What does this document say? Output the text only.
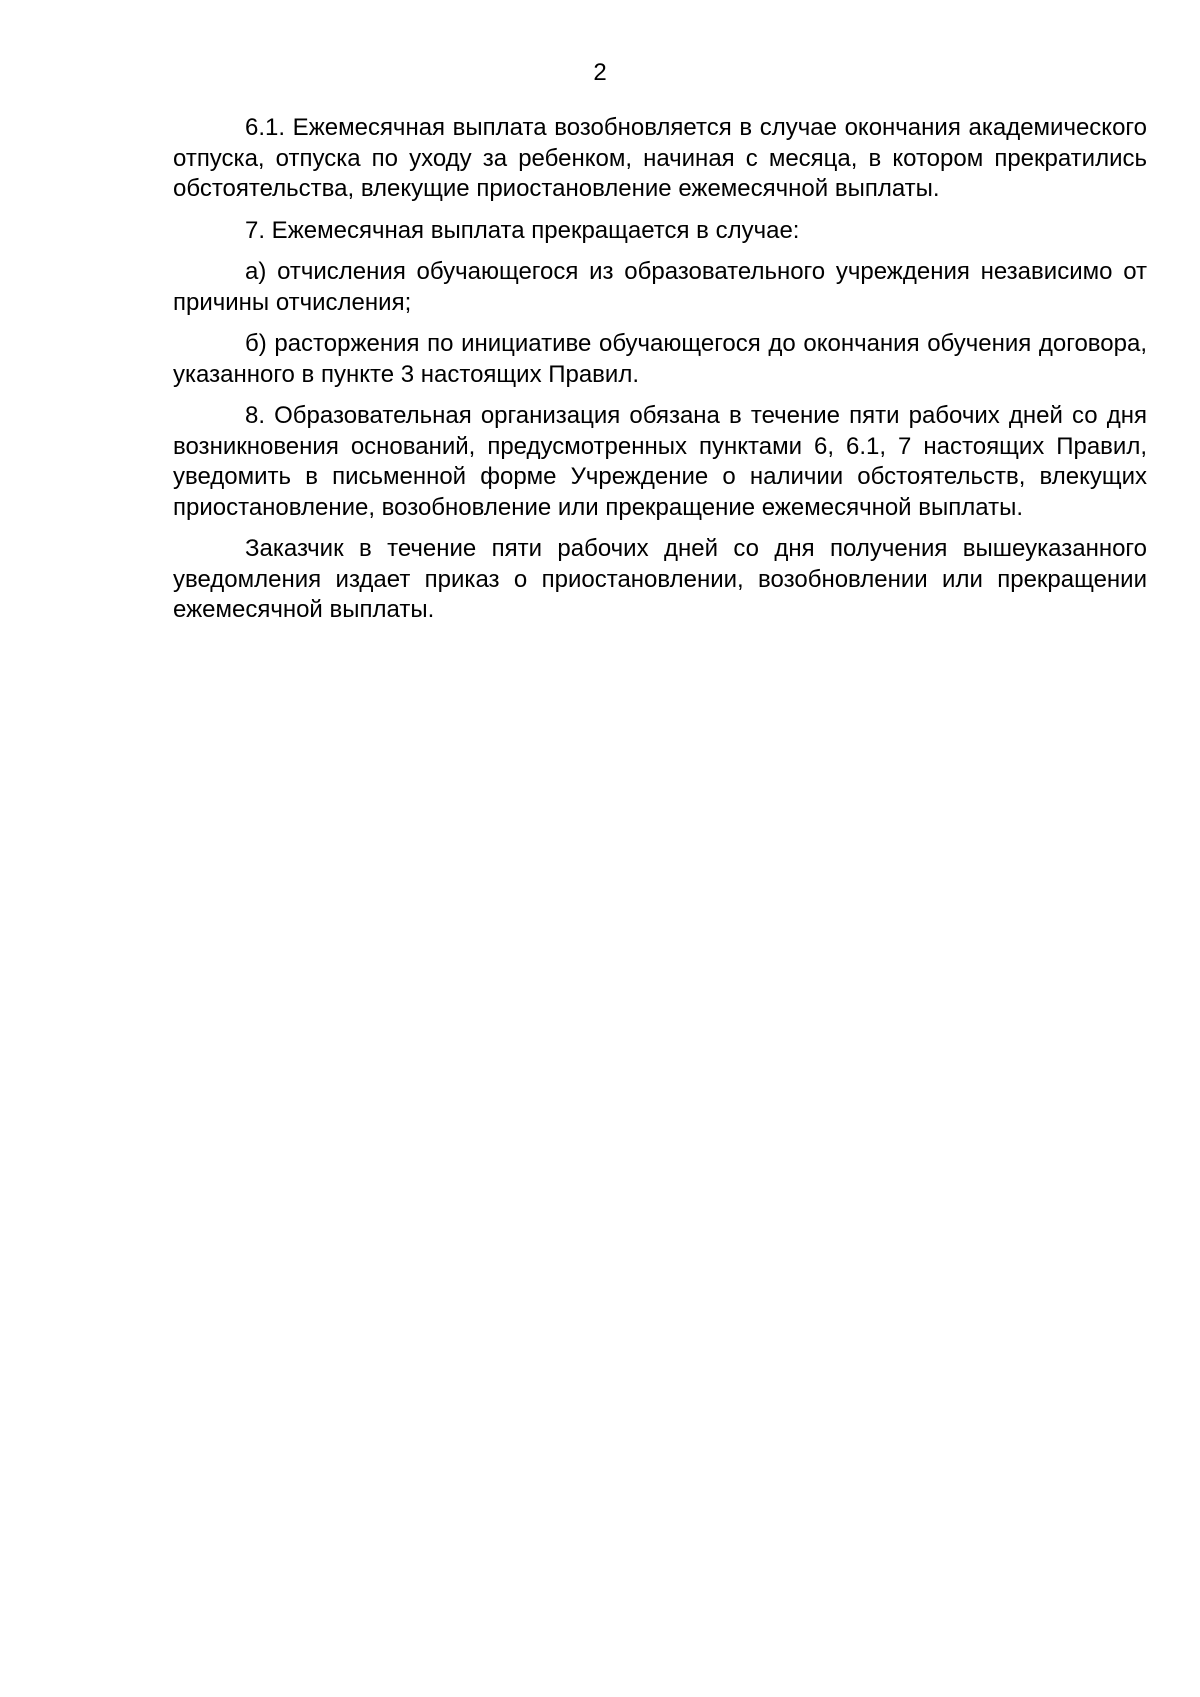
2

6.1. Ежемесячная выплата возобновляется в случае окончания академического отпуска, отпуска по уходу за ребенком, начиная с месяца, в котором прекратились обстоятельства, влекущие приостановление ежемесячной выплаты.

7. Ежемесячная выплата прекращается в случае:

а) отчисления обучающегося из образовательного учреждения независимо от причины отчисления;

б) расторжения по инициативе обучающегося до окончания обучения договора, указанного в пункте 3 настоящих Правил.

8. Образовательная организация обязана в течение пяти рабочих дней со дня возникновения оснований, предусмотренных пунктами 6, 6.1, 7 настоящих Правил, уведомить в письменной форме Учреждение о наличии обстоятельств, влекущих приостановление, возобновление или прекращение ежемесячной выплаты.

Заказчик в течение пяти рабочих дней со дня получения вышеуказанного уведомления издает приказ о приостановлении, возобновлении или прекращении ежемесячной выплаты.
